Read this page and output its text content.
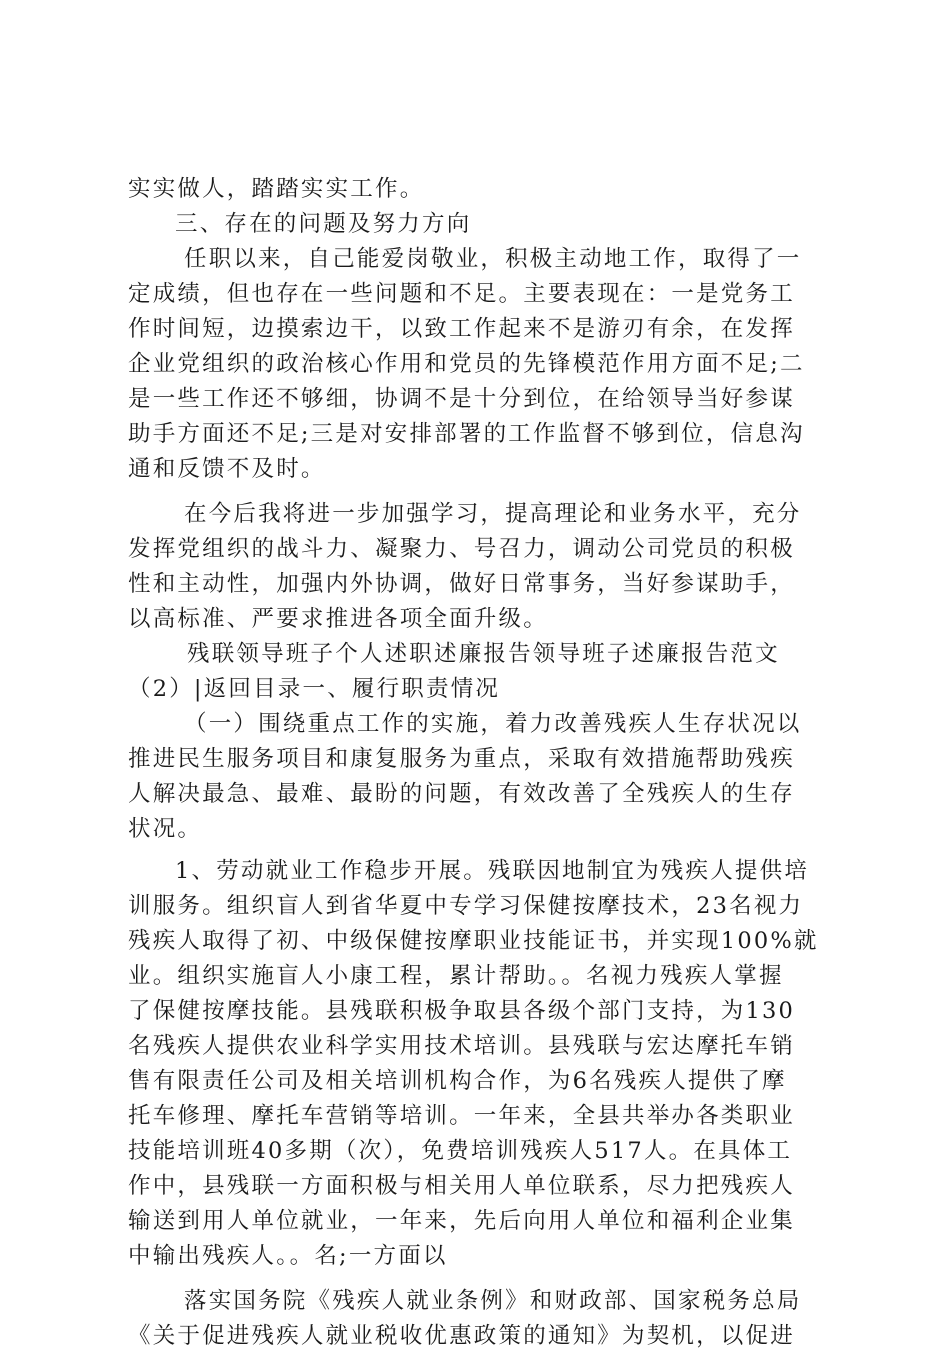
实实做人，踏踏实实工作。
三、存在的问题及努力方向
任职以来，自己能爱岗敬业，积极主动地工作，取得了一
定成绩，但也存在一些问题和不足。主要表现在：一是党务工
作时间短，边摸索边干，以致工作起来不是游刃有余，在发挥
企业党组织的政治核心作用和党员的先锋模范作用方面不足;二
是一些工作还不够细，协调不是十分到位，在给领导当好参谋
助手方面还不足;三是对安排部署的工作监督不够到位，信息沟
通和反馈不及时。
在今后我将进一步加强学习，提高理论和业务水平，充分
发挥党组织的战斗力、凝聚力、号召力，调动公司党员的积极
性和主动性，加强内外协调，做好日常事务，当好参谋助手，
以高标准、严要求推进各项全面升级。
残联领导班子个人述职述廉报告领导班子述廉报告范文
（2）|返回目录一、履行职责情况
（一）围绕重点工作的实施，着力改善残疾人生存状况以
推进民生服务项目和康复服务为重点，采取有效措施帮助残疾
人解决最急、最难、最盼的问题，有效改善了全残疾人的生存
状况。
1、劳动就业工作稳步开展。残联因地制宜为残疾人提供培
训服务。组织盲人到省华夏中专学习保健按摩技术，23名视力
残疾人取得了初、中级保健按摩职业技能证书，并实现100%就
业。组织实施盲人小康工程，累计帮助。。名视力残疾人掌握
了保健按摩技能。县残联积极争取县各级个部门支持，为130
名残疾人提供农业科学实用技术培训。县残联与宏达摩托车销
售有限责任公司及相关培训机构合作，为6名残疾人提供了摩
托车修理、摩托车营销等培训。一年来，全县共举办各类职业
技能培训班40多期（次），免费培训残疾人517人。在具体工
作中，县残联一方面积极与相关用人单位联系，尽力把残疾人
输送到用人单位就业，一年来，先后向用人单位和福利企业集
中输出残疾人。。名;一方面以
落实国务院《残疾人就业条例》和财政部、国家税务总局
《关于促进残疾人就业税收优惠政策的通知》为契机，以促进
